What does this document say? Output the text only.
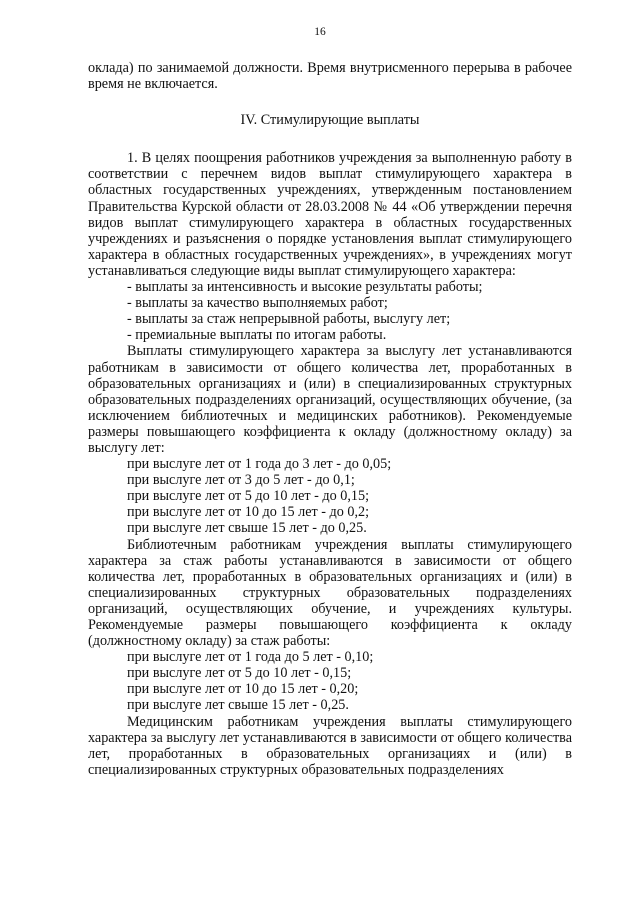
16

оклада) по занимаемой должности. Время внутрисменного перерыва в рабочее время не включается.

IV. Стимулирующие выплаты

1. В целях поощрения работников учреждения за выполненную работу в соответствии с перечнем видов выплат стимулирующего характера в областных государственных учреждениях, утвержденным постановлением Правительства Курской области от 28.03.2008 № 44 «Об утверждении перечня видов выплат стимулирующего характера в областных государственных учреждениях и разъяснения о порядке установления выплат стимулирующего характера в областных государственных учреждениях», в учреждениях могут устанавливаться следующие виды выплат стимулирующего характера:

- выплаты за интенсивность и высокие результаты работы;

- выплаты за качество выполняемых работ;

- выплаты за стаж непрерывной работы, выслугу лет;

- премиальные выплаты по итогам работы.

Выплаты стимулирующего характера за выслугу лет устанавливаются работникам в зависимости от общего количества лет, проработанных в образовательных организациях и (или) в специализированных структурных образовательных подразделениях организаций, осуществляющих обучение, (за исключением библиотечных и медицинских работников). Рекомендуемые размеры повышающего коэффициента к окладу (должностному окладу) за выслугу лет:

при выслуге лет от 1 года до 3 лет - до 0,05;

при выслуге лет от 3 до 5 лет - до 0,1;

при выслуге лет от 5 до 10 лет - до 0,15;

при выслуге лет от 10 до 15 лет - до 0,2;

при выслуге лет свыше 15 лет - до 0,25.

Библиотечным работникам учреждения выплаты стимулирующего характера за стаж работы устанавливаются в зависимости от общего количества лет, проработанных в образовательных организациях и (или) в специализированных структурных образовательных подразделениях организаций, осуществляющих обучение, и учреждениях культуры. Рекомендуемые размеры повышающего коэффициента к окладу (должностному окладу) за стаж работы:

при выслуге лет от 1 года до 5 лет - 0,10;

при выслуге лет от 5 до 10 лет - 0,15;

при выслуге лет от 10 до 15 лет - 0,20;

при выслуге лет свыше 15 лет - 0,25.

Медицинским работникам учреждения выплаты стимулирующего характера за выслугу лет устанавливаются в зависимости от общего количества лет, проработанных в образовательных организациях и (или) в специализированных структурных образовательных подразделениях
